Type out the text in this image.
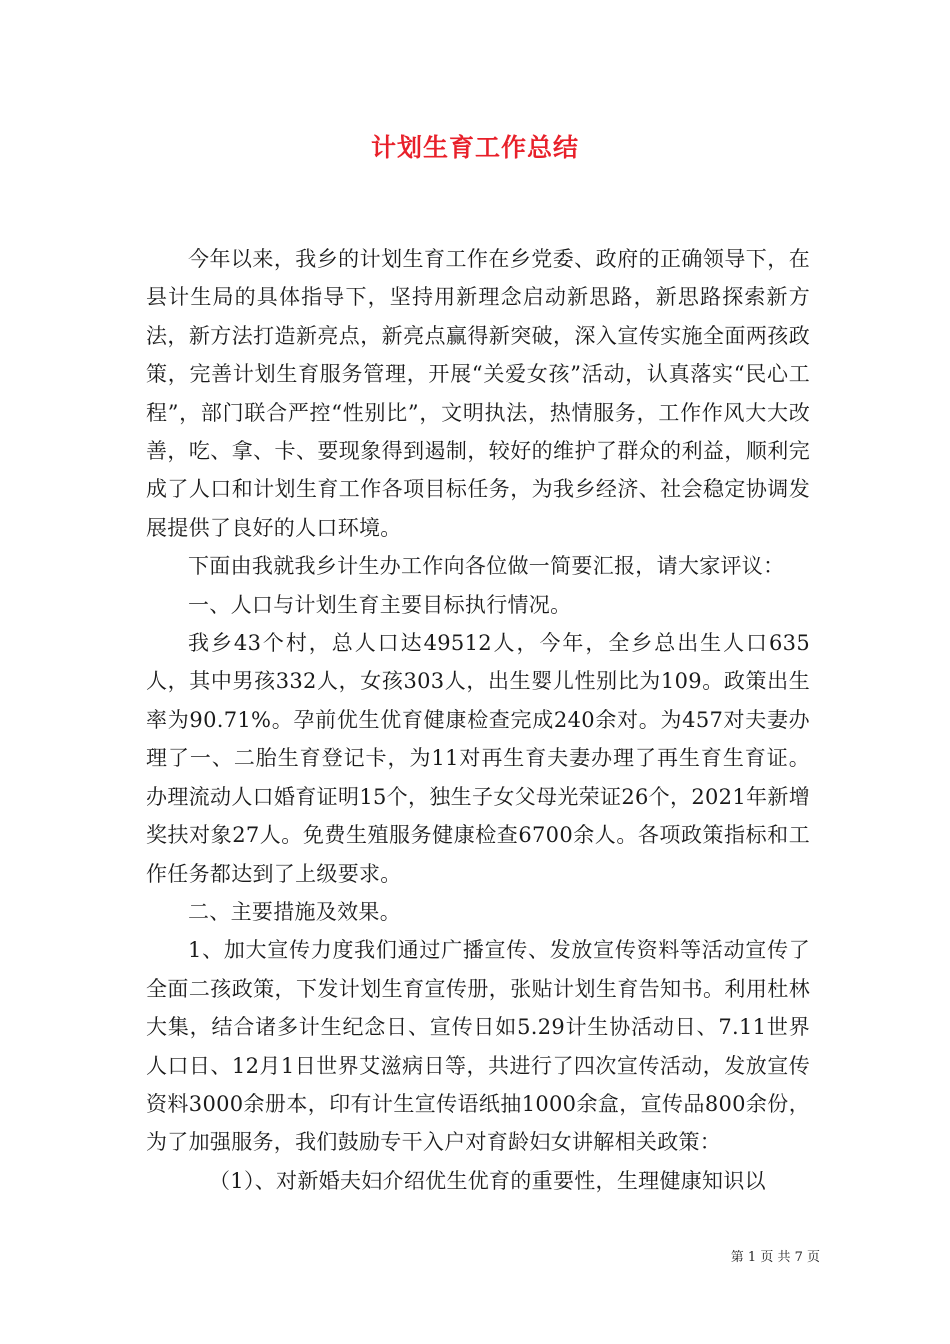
计划生育工作总结

今年以来，我乡的计划生育工作在乡党委、政府的正确领导下，在县计生局的具体指导下，坚持用新理念启动新思路，新思路探索新方法，新方法打造新亮点，新亮点赢得新突破，深入宣传实施全面两孩政策，完善计划生育服务管理，开展“关爱女孩”活动，认真落实“民心工程”，部门联合严控“性别比”，文明执法，热情服务，工作作风大大改善，吃、拿、卡、要现象得到遏制，较好的维护了群众的利益，顺利完成了人口和计划生育工作各项目标任务，为我乡经济、社会稳定协调发展提供了良好的人口环境。

下面由我就我乡计生办工作向各位做一简要汇报，请大家评议：

一、人口与计划生育主要目标执行情况。

我乡43个村，总人口达49512人，今年，全乡总出生人口635人，其中男孩332人，女孩303人，出生婴儿性别比为109。政策出生率为90.71%。孕前优生优育健康检查完成240余对。为457对夫妻办理了一、二胎生育登记卡，为11对再生育夫妻办理了再生育生育证。办理流动人口婚育证明15个，独生子女父母光荣证26个，2021年新增奖扶对象27人。免费生殖服务健康检查6700余人。各项政策指标和工作任务都达到了上级要求。

二、主要措施及效果。

1、加大宣传力度我们通过广播宣传、发放宣传资料等活动宣传了全面二孩政策，下发计划生育宣传册，张贴计划生育告知书。利用杜林大集，结合诸多计生纪念日、宣传日如5.29计生协活动日、7.11世界人口日、12月1日世界艾滋病日等，共进行了四次宣传活动，发放宣传资料3000余册本，印有计生宣传语纸抽1000余盒，宣传品800余份，为了加强服务，我们鼓励专干入户对育龄妇女讲解相关政策：

（1）、对新婚夫妇介绍优生优育的重要性，生理健康知识以

第 1 页 共 7 页
